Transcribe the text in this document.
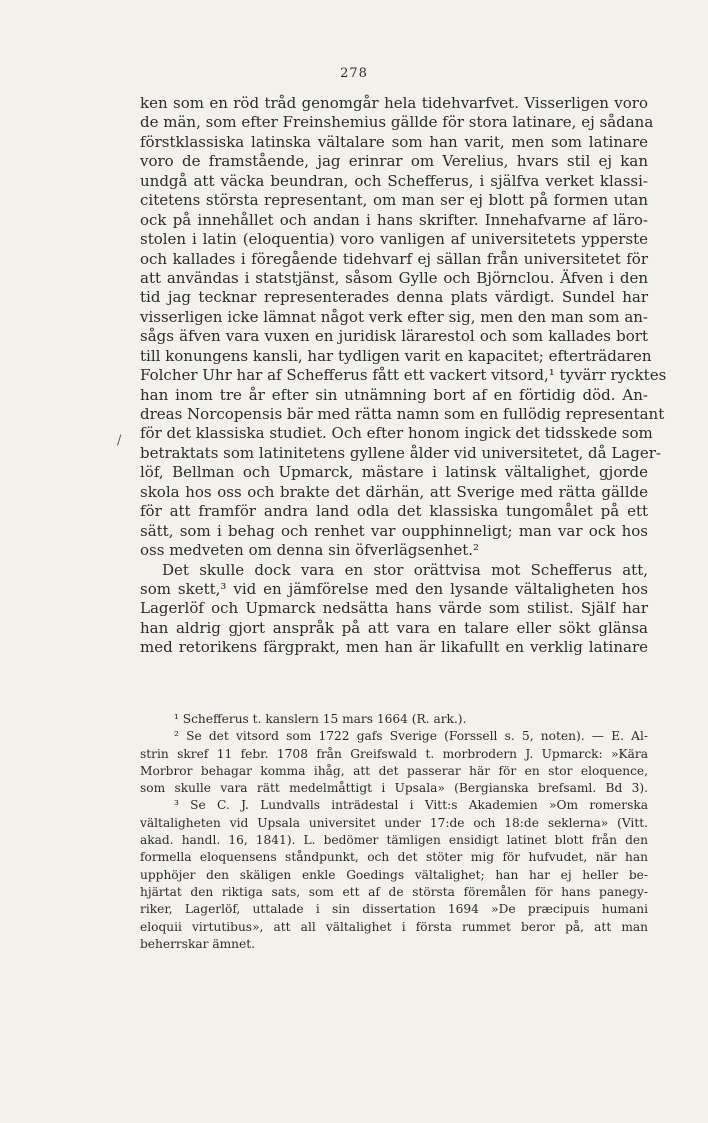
278
/
ken som en röd tråd genomgår hela tidehvarfvet. Visserligen voro
de män, som efter Freinshemius gällde för stora latinare, ej sådana
förstklassiska latinska vältalare som han varit, men som latinare
voro de framstående, jag erinrar om Verelius, hvars stil ej kan
undgå att väcka beundran, och Schefferus, i själfva verket klassi-
citetens största representant, om man ser ej blott på formen utan
ock på innehållet och andan i hans skrifter. Innehafvarne af läro-
stolen i latin (eloquentia) voro vanligen af universitetets ypperste
och kallades i föregående tidehvarf ej sällan från universitetet för
att användas i statstjänst, såsom Gylle och Björnclou. Äfven i den
tid jag tecknar representerades denna plats värdigt. Sundel har
visserligen icke lämnat något verk efter sig, men den man som an-
sågs äfven vara vuxen en juridisk lärarestol och som kallades bort
till konungens kansli, har tydligen varit en kapacitet; efterträdaren
Folcher Uhr har af Schefferus fått ett vackert vitsord,¹ tyvärr rycktes
han inom tre år efter sin utnämning bort af en förtidig död. An-
dreas Norcopensis bär med rätta namn som en fullödig representant
för det klassiska studiet. Och efter honom ingick det tidsskede som
betraktats som latinitetens gyllene ålder vid universitetet, då Lager-
löf, Bellman och Upmarck, mästare i latinsk vältalighet, gjorde
skola hos oss och brakte det därhän, att Sverige med rätta gällde
för att framför andra land odla det klassiska tungomålet på ett
sätt, som i behag och renhet var oupphinneligt; man var ock hos
oss medveten om denna sin öfverlägsenhet.²
Det skulle dock vara en stor orättvisa mot Schefferus att,
som skett,³ vid en jämförelse med den lysande vältaligheten hos
Lagerlöf och Upmarck nedsätta hans värde som stilist. Själf har
han aldrig gjort anspråk på att vara en talare eller sökt glänsa
med retorikens färgprakt, men han är likafullt en verklig latinare
¹ Schefferus t. kanslern 15 mars 1664 (R. ark.).
² Se det vitsord som 1722 gafs Sverige (Forssell s. 5, noten). — E. Al-
strin skref 11 febr. 1708 från Greifswald t. morbrodern J. Upmarck: »Kära
Morbror behagar komma ihåg, att det passerar här för en stor eloquence,
som skulle vara rätt medelmåttigt i Upsala» (Bergianska brefsaml. Bd 3).
³ Se C. J. Lundvalls inträdestal i Vitt:s Akademien »Om romerska
vältaligheten vid Upsala universitet under 17:de och 18:de seklerna» (Vitt.
akad. handl. 16, 1841). L. bedömer tämligen ensidigt latinet blott från den
formella eloquensens ståndpunkt, och det stöter mig för hufvudet, när han
upphöjer den skäligen enkle Goedings vältalighet; han har ej heller be-
hjärtat den riktiga sats, som ett af de största föremålen för hans panegy-
riker, Lagerlöf, uttalade i sin dissertation 1694 »De præcipuis humani
eloquii virtutibus», att all vältalighet i första rummet beror på, att man
beherrskar ämnet.
